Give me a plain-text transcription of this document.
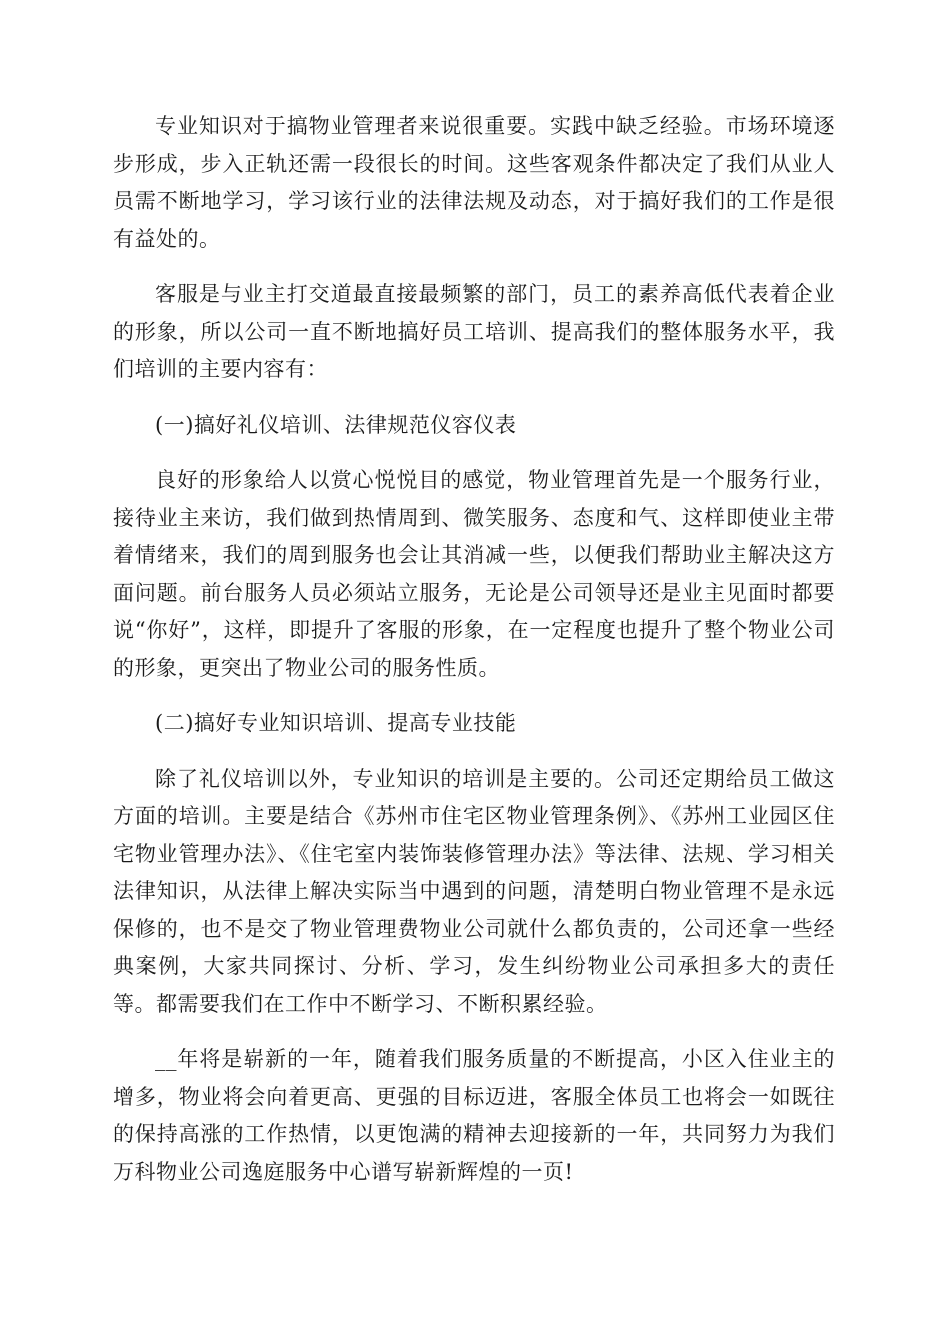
专业知识对于搞物业管理者来说很重要。实践中缺乏经验。市场环境逐步形成，步入正轨还需一段很长的时间。这些客观条件都决定了我们从业人员需不断地学习，学习该行业的法律法规及动态，对于搞好我们的工作是很有益处的。

客服是与业主打交道最直接最频繁的部门，员工的素养高低代表着企业的形象，所以公司一直不断地搞好员工培训、提高我们的整体服务水平，我们培训的主要内容有：

(一)搞好礼仪培训、法律规范仪容仪表

良好的形象给人以赏心悦悦目的感觉，物业管理首先是一个服务行业，接待业主来访，我们做到热情周到、微笑服务、态度和气、这样即使业主带着情绪来，我们的周到服务也会让其消减一些，以便我们帮助业主解决这方面问题。前台服务人员必须站立服务，无论是公司领导还是业主见面时都要说“你好”，这样，即提升了客服的形象，在一定程度也提升了整个物业公司的形象，更突出了物业公司的服务性质。

(二)搞好专业知识培训、提高专业技能

除了礼仪培训以外，专业知识的培训是主要的。公司还定期给员工做这方面的培训。主要是结合《苏州市住宅区物业管理条例》、《苏州工业园区住宅物业管理办法》、《住宅室内装饰装修管理办法》等法律、法规、学习相关法律知识，从法律上解决实际当中遇到的问题，清楚明白物业管理不是永远保修的，也不是交了物业管理费物业公司就什么都负责的，公司还拿一些经典案例，大家共同探讨、分析、学习，发生纠纷物业公司承担多大的责任等。都需要我们在工作中不断学习、不断积累经验。

__年将是崭新的一年，随着我们服务质量的不断提高，小区入住业主的增多，物业将会向着更高、更强的目标迈进，客服全体员工也将会一如既往的保持高涨的工作热情，以更饱满的精神去迎接新的一年，共同努力为我们万科物业公司逸庭服务中心谱写崭新辉煌的一页!
